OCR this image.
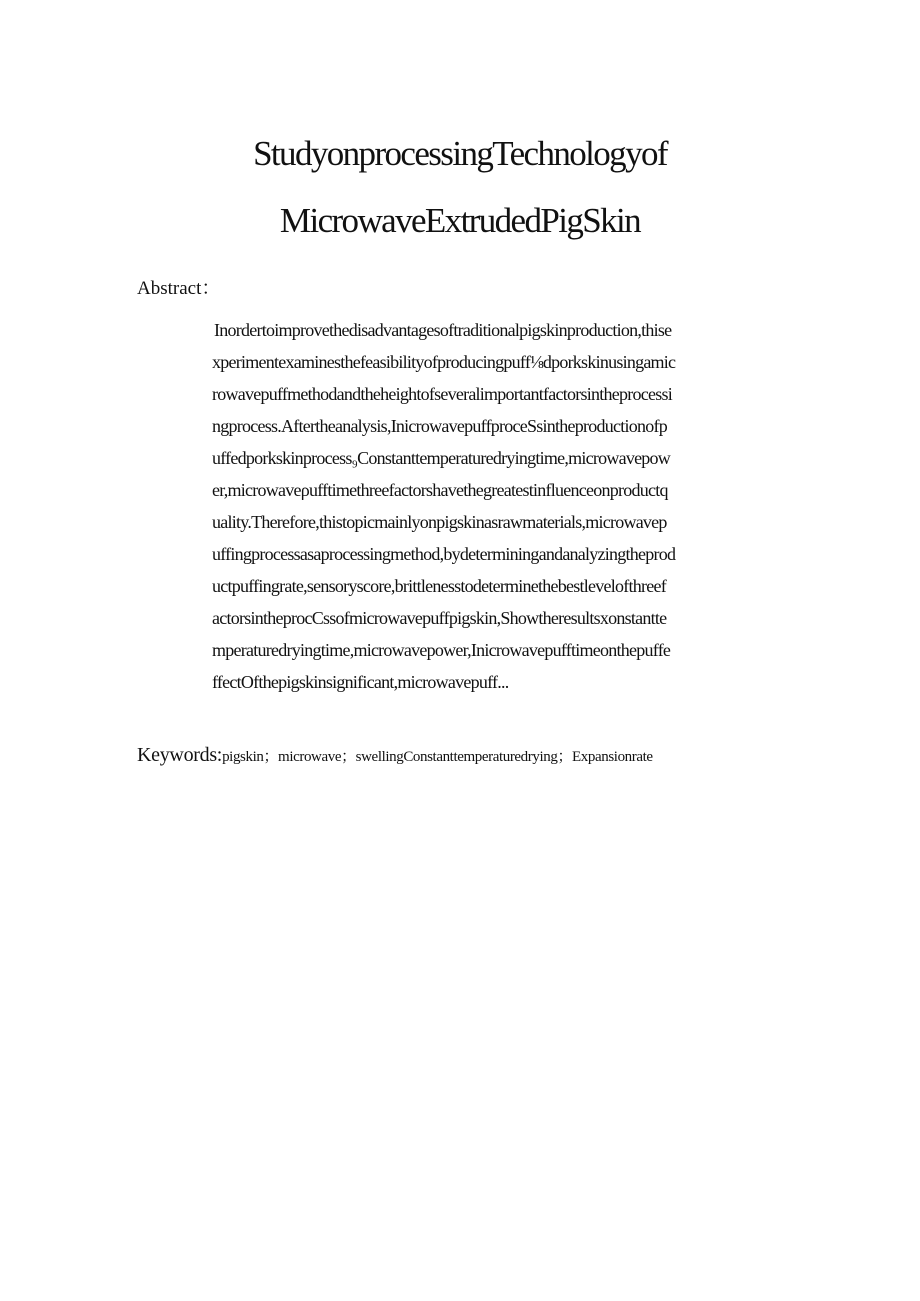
StudyonprocessingTechnologyof
MicrowaveExtrudedPigSkin
Abstract：
Inordertoimprovethedisadvantagesoftraditionalpigskinproduction,thise
xperimentexaminesthefeasibilityofproducingpuff⅛dporkskinusingamic
rowavepuffmethodandtheheightofseveralimportantfactorsintheprocessi
ngprocess.Aftertheanalysis,InicrowavepuffproceSsintheproductionofp
uffedporkskinprocess₉Constanttemperaturedryingtime,microwavepow
er,microwaveρufftimethreefactorshavethegreatestinfluenceonproductq
uality.Therefore,thistopicmainlyonpigskinasrawmaterials,microwavep
uffingprocessasaprocessingmethod,bydeterminingandanalyzingtheprod
uctpuffingrate,sensoryscore,brittlenesstodeterminethebestlevelofthreef
actorsintheprocCssofmicrowavepuffpigskin,Showtheresultsxonstantte
mperaturedryingtime,microwavepower,Inicrowavepufftimeonthepuffe
ffectOfthepigskinsignificant,microwavepuff...
Keywords:pigskin；microwave；swellingConstanttemperaturedrying；Expansionrate
